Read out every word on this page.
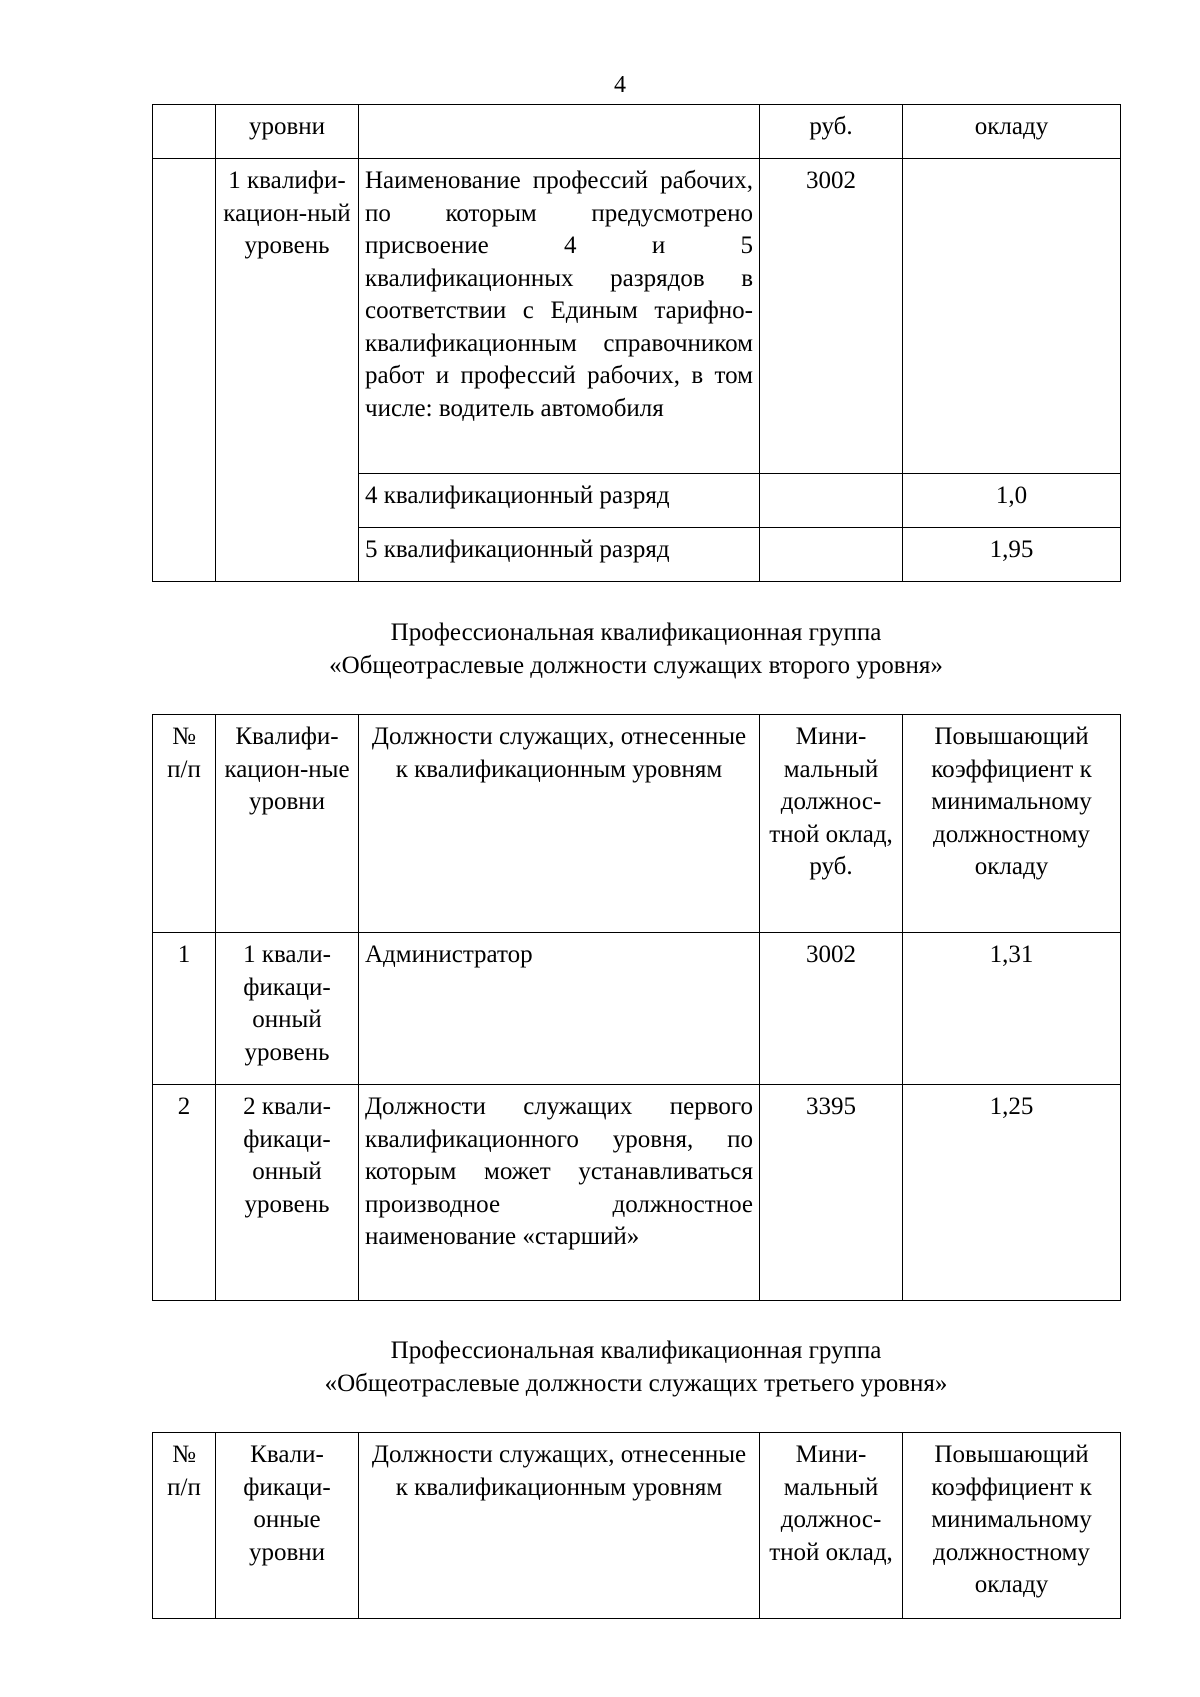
4
	уровни		руб.	окладу
	1 квалифи-кацион-ный уровень	Наименование профессий рабочих, по которым предусмотрено присвоение 4 и 5 квалификационных разрядов в соответствии с Единым тарифно-квалификационным справочником работ и профессий рабочих, в том числе: водитель автомобиля	3002	
		4 квалификационный разряд		1,0
		5 квалификационный разряд		1,95
Профессиональная квалификационная группа
«Общеотраслевые должности служащих второго уровня»
№ п/п	Квалифи-кацион-ные уровни	Должности служащих, отнесенные к квалификационным уровням	Мини-мальный должнос-тной оклад, руб.	Повышающий коэффициент к минимальному должностному окладу
1	1 квали-фикаци-онный уровень	Администратор	3002	1,31
2	2 квали-фикаци-онный уровень	Должности служащих первого квалификационного уровня, по которым может устанавливаться производное должностное наименование «старший»	3395	1,25
Профессиональная квалификационная группа
«Общеотраслевые должности служащих третьего уровня»
№ п/п	Квали-фикаци-онные уровни	Должности служащих, отнесенные к квалификационным уровням	Мини-мальный должнос-тной оклад,	Повышающий коэффициент к минимальному должностному окладу
